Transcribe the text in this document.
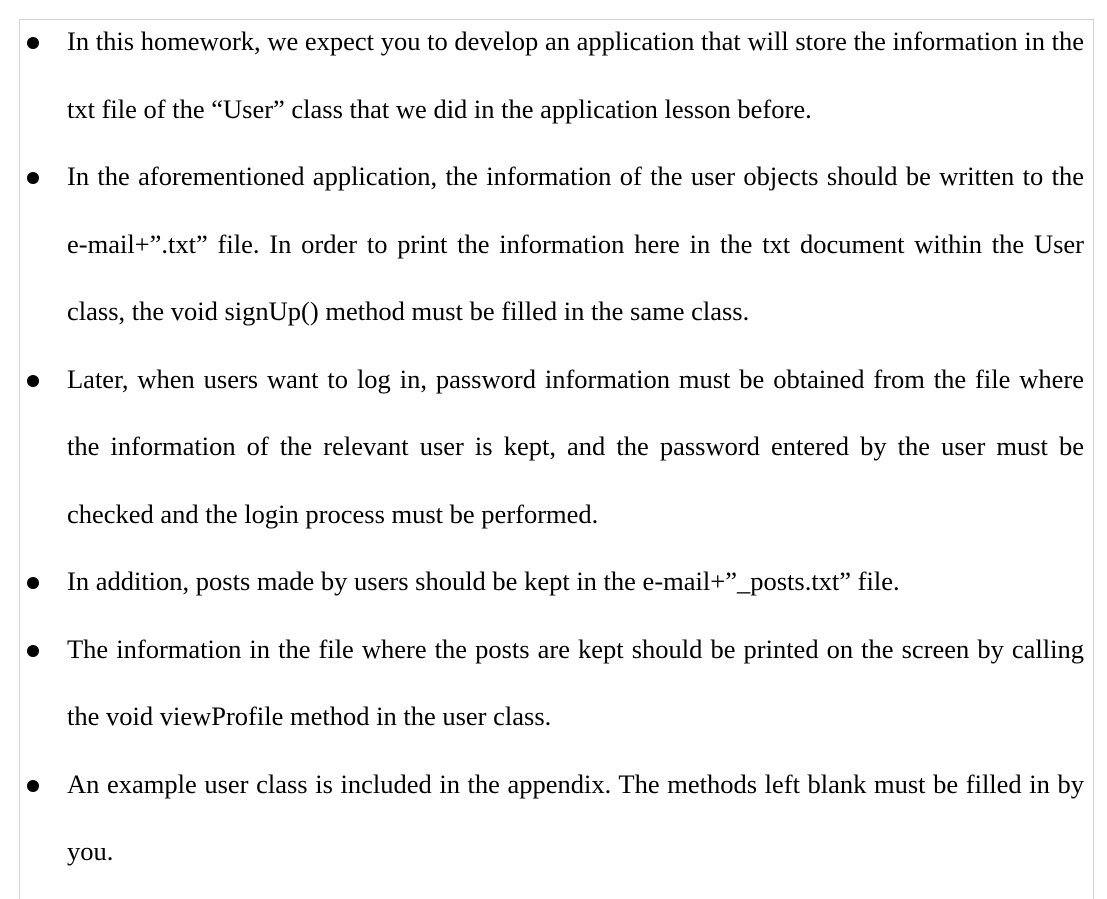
In this homework, we expect you to develop an application that will store the information in the txt file of the “User” class that we did in the application lesson before.
In the aforementioned application, the information of the user objects should be written to the e-mail+”.txt” file. In order to print the information here in the txt document within the User class, the void signUp() method must be filled in the same class.
Later, when users want to log in, password information must be obtained from the file where the information of the relevant user is kept, and the password entered by the user must be checked and the login process must be performed.
In addition, posts made by users should be kept in the e-mail+”_posts.txt” file.
The information in the file where the posts are kept should be printed on the screen by calling the void viewProfile method in the user class.
An example user class is included in the appendix. The methods left blank must be filled in by you.
